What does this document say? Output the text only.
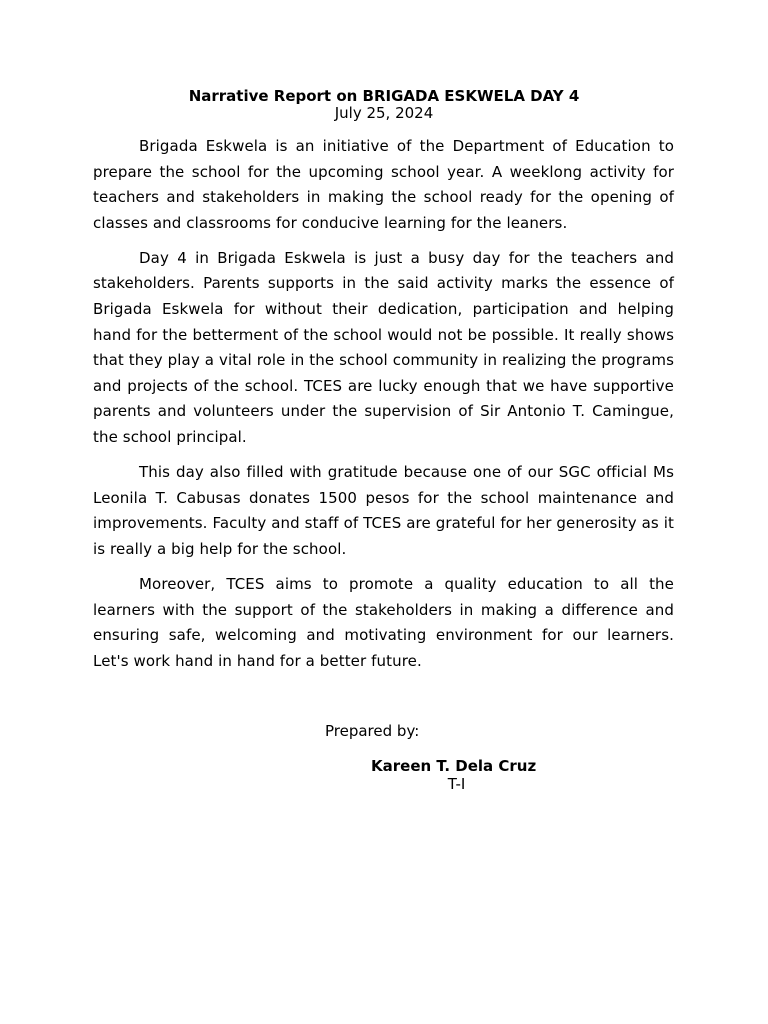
Narrative Report on BRIGADA ESKWELA DAY 4
July 25, 2024

Brigada Eskwela is an initiative of the Department of Education to prepare the school for the upcoming school year. A weeklong activity for teachers and stakeholders in making the school ready for the opening of classes and classrooms for conducive learning for the leaners.

Day 4 in Brigada Eskwela is just a busy day for the teachers and stakeholders. Parents supports in the said activity marks the essence of Brigada Eskwela for without their dedication, participation and helping hand for the betterment of the school would not be possible. It really shows that they play a vital role in the school community in realizing the programs and projects of the school. TCES are lucky enough that we have supportive parents and volunteers under the supervision of Sir Antonio T. Camingue, the school principal.

This day also filled with gratitude because one of our SGC official Ms Leonila T. Cabusas donates 1500 pesos for the school maintenance and improvements. Faculty and staff of TCES are grateful for her generosity as it is really a big help for the school.

Moreover, TCES aims to promote a quality education to all the learners with the support of the stakeholders in making a difference and ensuring safe, welcoming and motivating environment for our learners. Let's work hand in hand for a better future.

Prepared by:
Kareen T. Dela Cruz
T-I
